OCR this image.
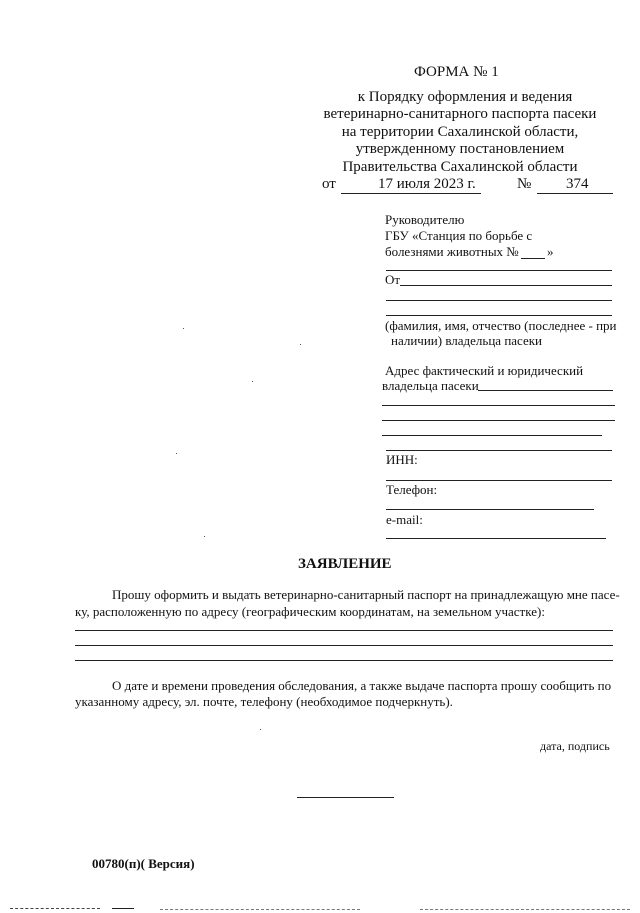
ФОРМА № 1
к Порядку оформления и ведения
ветеринарно-санитарного паспорта пасеки
на территории Сахалинской области,
утвержденному постановлением
Правительства Сахалинской области
от	17 июля 2023 г.	№ 374
Руководителю
ГБУ «Станция по борьбе с
болезнями животных № »
От
(фамилия, имя, отчество (последнее - при
наличии) владельца пасеки
Адрес фактический и юридический
владельца пасеки
ИНН:
Телефон:
e-mail:
ЗАЯВЛЕНИЕ
Прошу оформить и выдать ветеринарно-санитарный паспорт на принадлежащую мне пасе-
ку, расположенную по адресу (географическим координатам, на земельном участке):
О дате и времени проведения обследования, а также выдаче паспорта прошу сообщить по
указанному адресу, эл. почте, телефону (необходимое подчеркнуть).
дата, подпись
00780(п)( Версия)
